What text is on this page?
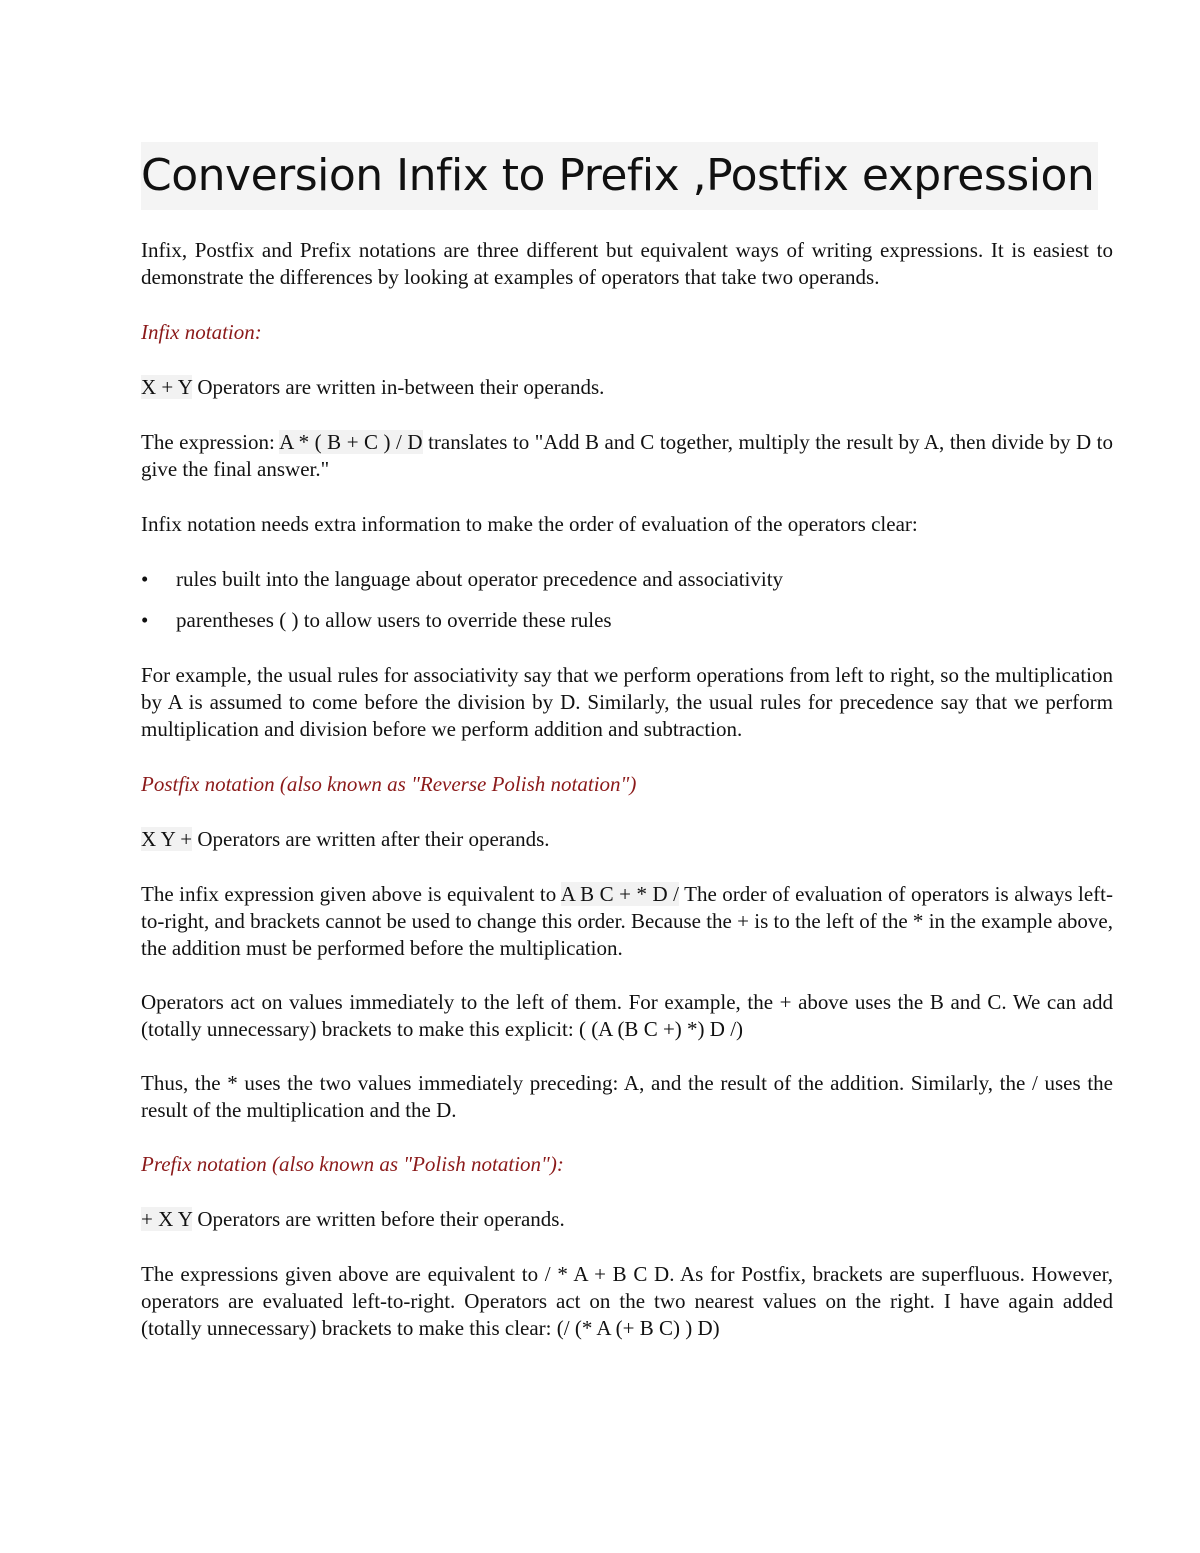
Conversion Infix to Prefix ,Postfix expression

Infix, Postfix and Prefix notations are three different but equivalent ways of writing expressions. It is easiest to demonstrate the differences by looking at examples of operators that take two operands.

Infix notation:

X + Y Operators are written in-between their operands.

The expression: A * ( B + C ) / D translates to "Add B and C together, multiply the result by A, then divide by D to give the final answer."

Infix notation needs extra information to make the order of evaluation of the operators clear:

• rules built into the language about operator precedence and associativity
• parentheses ( ) to allow users to override these rules

For example, the usual rules for associativity say that we perform operations from left to right, so the multiplication by A is assumed to come before the division by D. Similarly, the usual rules for precedence say that we perform multiplication and division before we perform addition and subtraction.

Postfix notation (also known as "Reverse Polish notation")

X Y + Operators are written after their operands.

The infix expression given above is equivalent to A B C + * D / The order of evaluation of operators is always left-to-right, and brackets cannot be used to change this order. Because the + is to the left of the * in the example above, the addition must be performed before the multiplication.

Operators act on values immediately to the left of them. For example, the + above uses the B and C. We can add (totally unnecessary) brackets to make this explicit: ( (A (B C +) *) D /)

Thus, the * uses the two values immediately preceding: A, and the result of the addition. Similarly, the / uses the result of the multiplication and the D.

Prefix notation (also known as "Polish notation"):

+ X Y Operators are written before their operands.

The expressions given above are equivalent to / * A + B C D. As for Postfix, brackets are superfluous. However, operators are evaluated left-to-right. Operators act on the two nearest values on the right. I have again added (totally unnecessary) brackets to make this clear: (/ (* A (+ B C) ) D)
